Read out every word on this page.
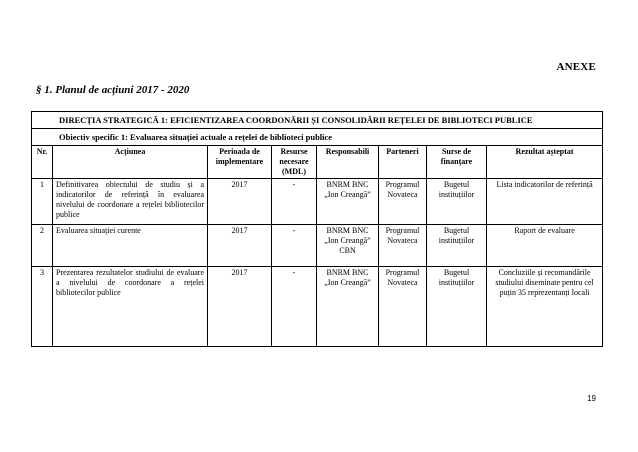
ANEXE
§ 1. Planul de acțiuni 2017 - 2020
DIRECȚIA STRATEGICĂ 1: EFICIENTIZAREA COORDONĂRII ȘI CONSOLIDĂRII REȚELEI DE BIBLIOTECI PUBLICE							
Obiectiv specific 1: Evaluarea situației actuale a rețelei de biblioteci publice							
Nr.	Acțiunea	Perioada de implementare	Resurse necesare (MDL)	Responsabili	Parteneri	Surse de finanțare	Rezultat așteptat
1	Definitivarea obiectului de studiu și a indicatorilor de referință în evaluarea nivelului de coordonare a rețelei bibliotecilor publice	2017	-	BNRM BNC „Ion Creangă”	Programul Novateca	Bugetul instituțiilor	Lista indicatorilor de referință
2	Evaluarea situației curente	2017	-	BNRM BNC „Ion Creangă” CBN	Programul Novateca	Bugetul instituțiilor	Raport de evaluare
3	Prezentarea rezultatelor studiului de evaluare a nivelului de coordonare a rețelei bibliotecilor publice	2017	-	BNRM BNC „Ion Creangă”	Programul Novateca	Bugetul instituțiilor	Concluziile și recomandările studiului diseminate pentru cel puțin 35 reprezentanți locali
19
